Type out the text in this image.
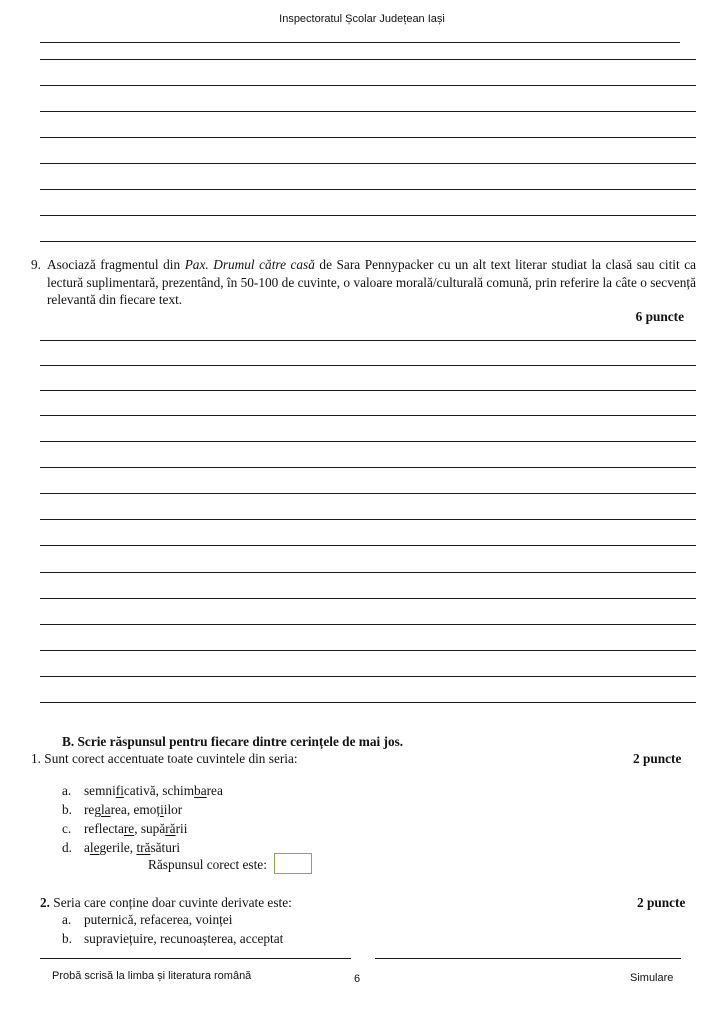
Inspectoratul Școlar Județean Iași
9. Asociază fragmentul din Pax. Drumul către casă de Sara Pennypacker cu un alt text literar studiat la clasă sau citit ca lectură suplimentară, prezentând, în 50-100 de cuvinte, o valoare morală/culturală comună, prin referire la câte o secvență relevantă din fiecare text.
6 puncte
B. Scrie răspunsul pentru fiecare dintre cerințele de mai jos.
1. Sunt corect accentuate toate cuvintele din seria:	2 puncte
a. semnificativă, schimbarea
b. reglarea, emoțiilor
c. reflectare, supărării
d. alegerile, trăsături
Răspunsul corect este:
2. Seria care conține doar cuvinte derivate este:	2 puncte
a. puternică, refacerea, voinței
b. supraviețuire, recunoașterea, acceptat
Probă scrisă la limba și literatura română	6	Simulare
